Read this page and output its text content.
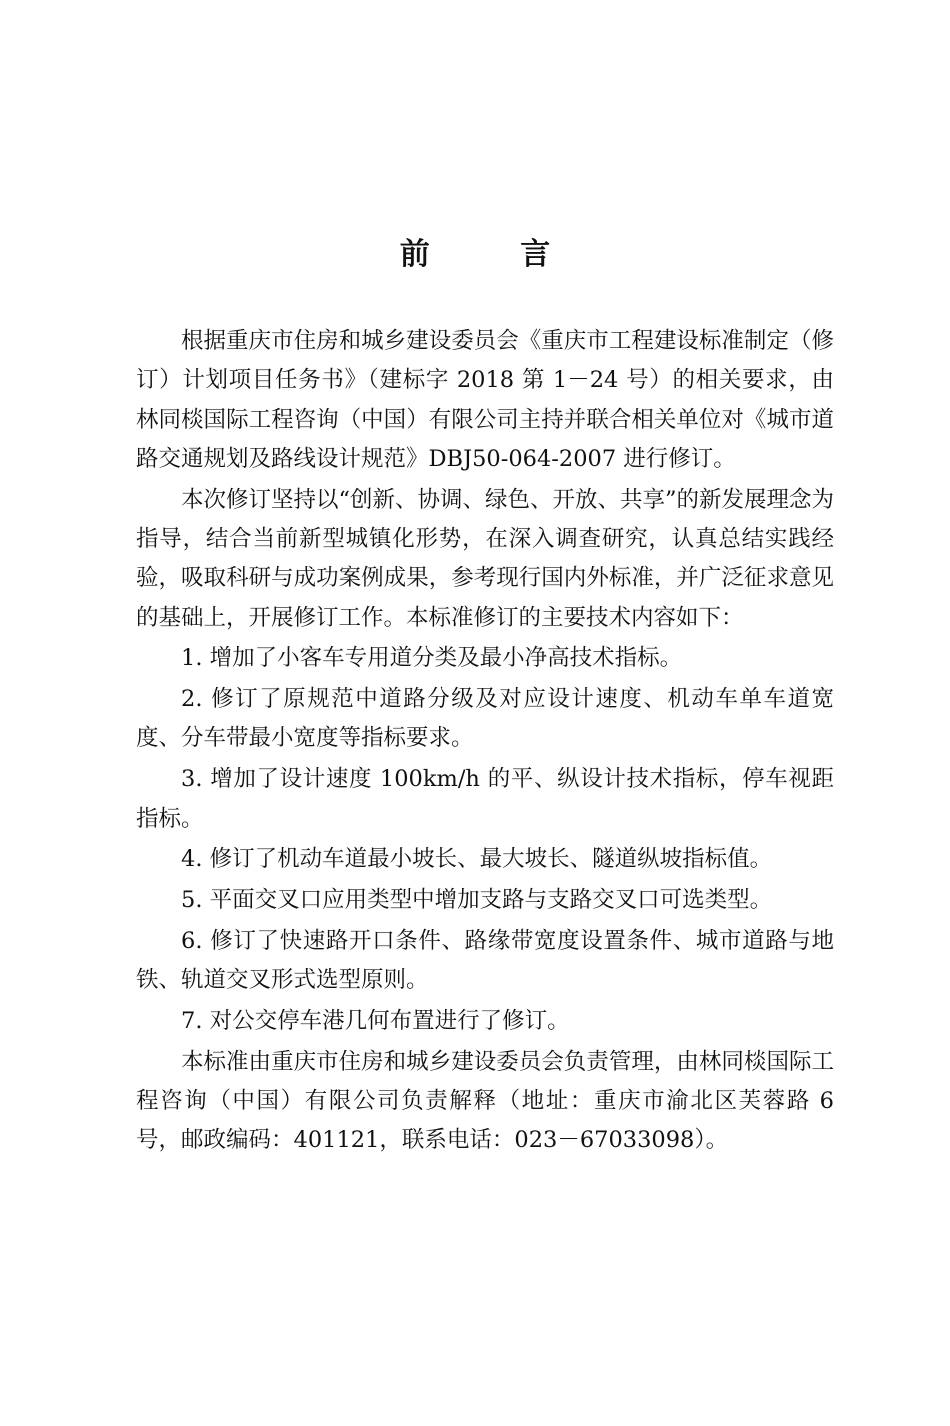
前 言

根据重庆市住房和城乡建设委员会《重庆市工程建设标准制定（修订）计划项目任务书》（建标字 2018 第 1－24 号）的相关要求，由林同棪国际工程咨询（中国）有限公司主持并联合相关单位对《城市道路交通规划及路线设计规范》DBJ50-064-2007 进行修订。

本次修订坚持以“创新、协调、绿色、开放、共享”的新发展理念为指导，结合当前新型城镇化形势，在深入调查研究，认真总结实践经验，吸取科研与成功案例成果，参考现行国内外标准，并广泛征求意见的基础上，开展修订工作。本标准修订的主要技术内容如下：

1. 增加了小客车专用道分类及最小净高技术指标。

2. 修订了原规范中道路分级及对应设计速度、机动车单车道宽度、分车带最小宽度等指标要求。

3. 增加了设计速度 100km/h 的平、纵设计技术指标，停车视距指标。

4. 修订了机动车道最小坡长、最大坡长、隧道纵坡指标值。

5. 平面交叉口应用类型中增加支路与支路交叉口可选类型。

6. 修订了快速路开口条件、路缘带宽度设置条件、城市道路与地铁、轨道交叉形式选型原则。

7. 对公交停车港几何布置进行了修订。

本标准由重庆市住房和城乡建设委员会负责管理，由林同棪国际工程咨询（中国）有限公司负责解释（地址：重庆市渝北区芙蓉路 6 号，邮政编码：401121，联系电话：023－67033098）。
